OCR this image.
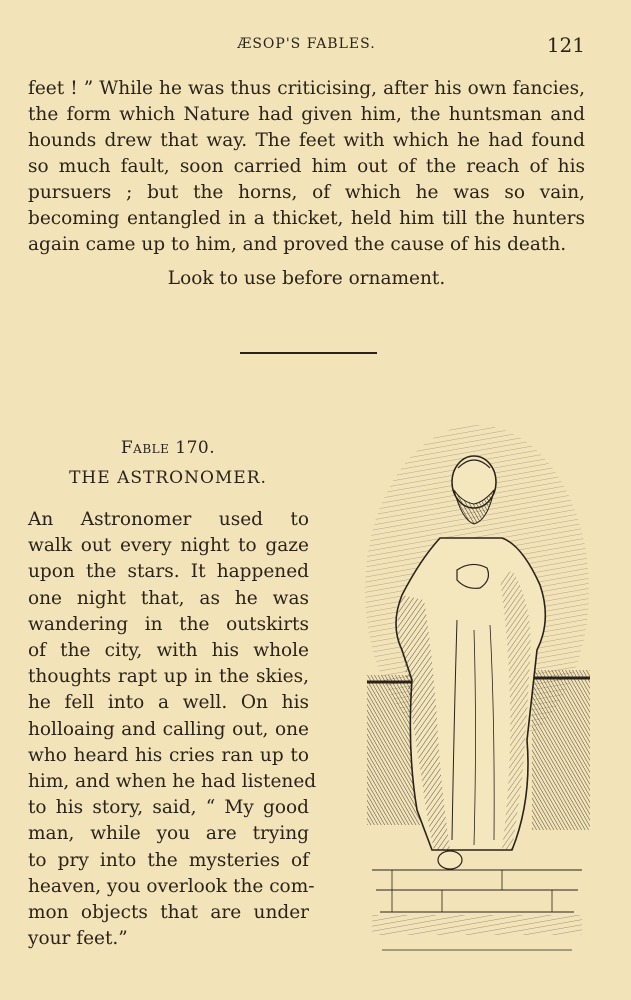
ÆSOP'S FABLES.	121
feet ! ” While he was thus criticising, after his own fancies, the form which Nature had given him, the huntsman and hounds drew that way. The feet with which he had found so much fault, soon carried him out of the reach of his pursuers ; but the horns, of which he was so vain, becoming entangled in a thicket, held him till the hunters again came up to him, and proved the cause of his death.
Look to use before ornament.
Fable 170.
THE ASTRONOMER.
An Astronomer used to
walk out every night to gaze
upon the stars. It happened
one night that, as he was
wandering in the outskirts
of the city, with his whole
thoughts rapt up in the skies,
he fell into a well. On his
holloaing and calling out, one
who heard his cries ran up to
him, and when he had listened
to his story, said, “ My good
man, while you are trying
to pry into the mysteries of
heaven, you overlook the com-
mon objects that are under
your feet.”
